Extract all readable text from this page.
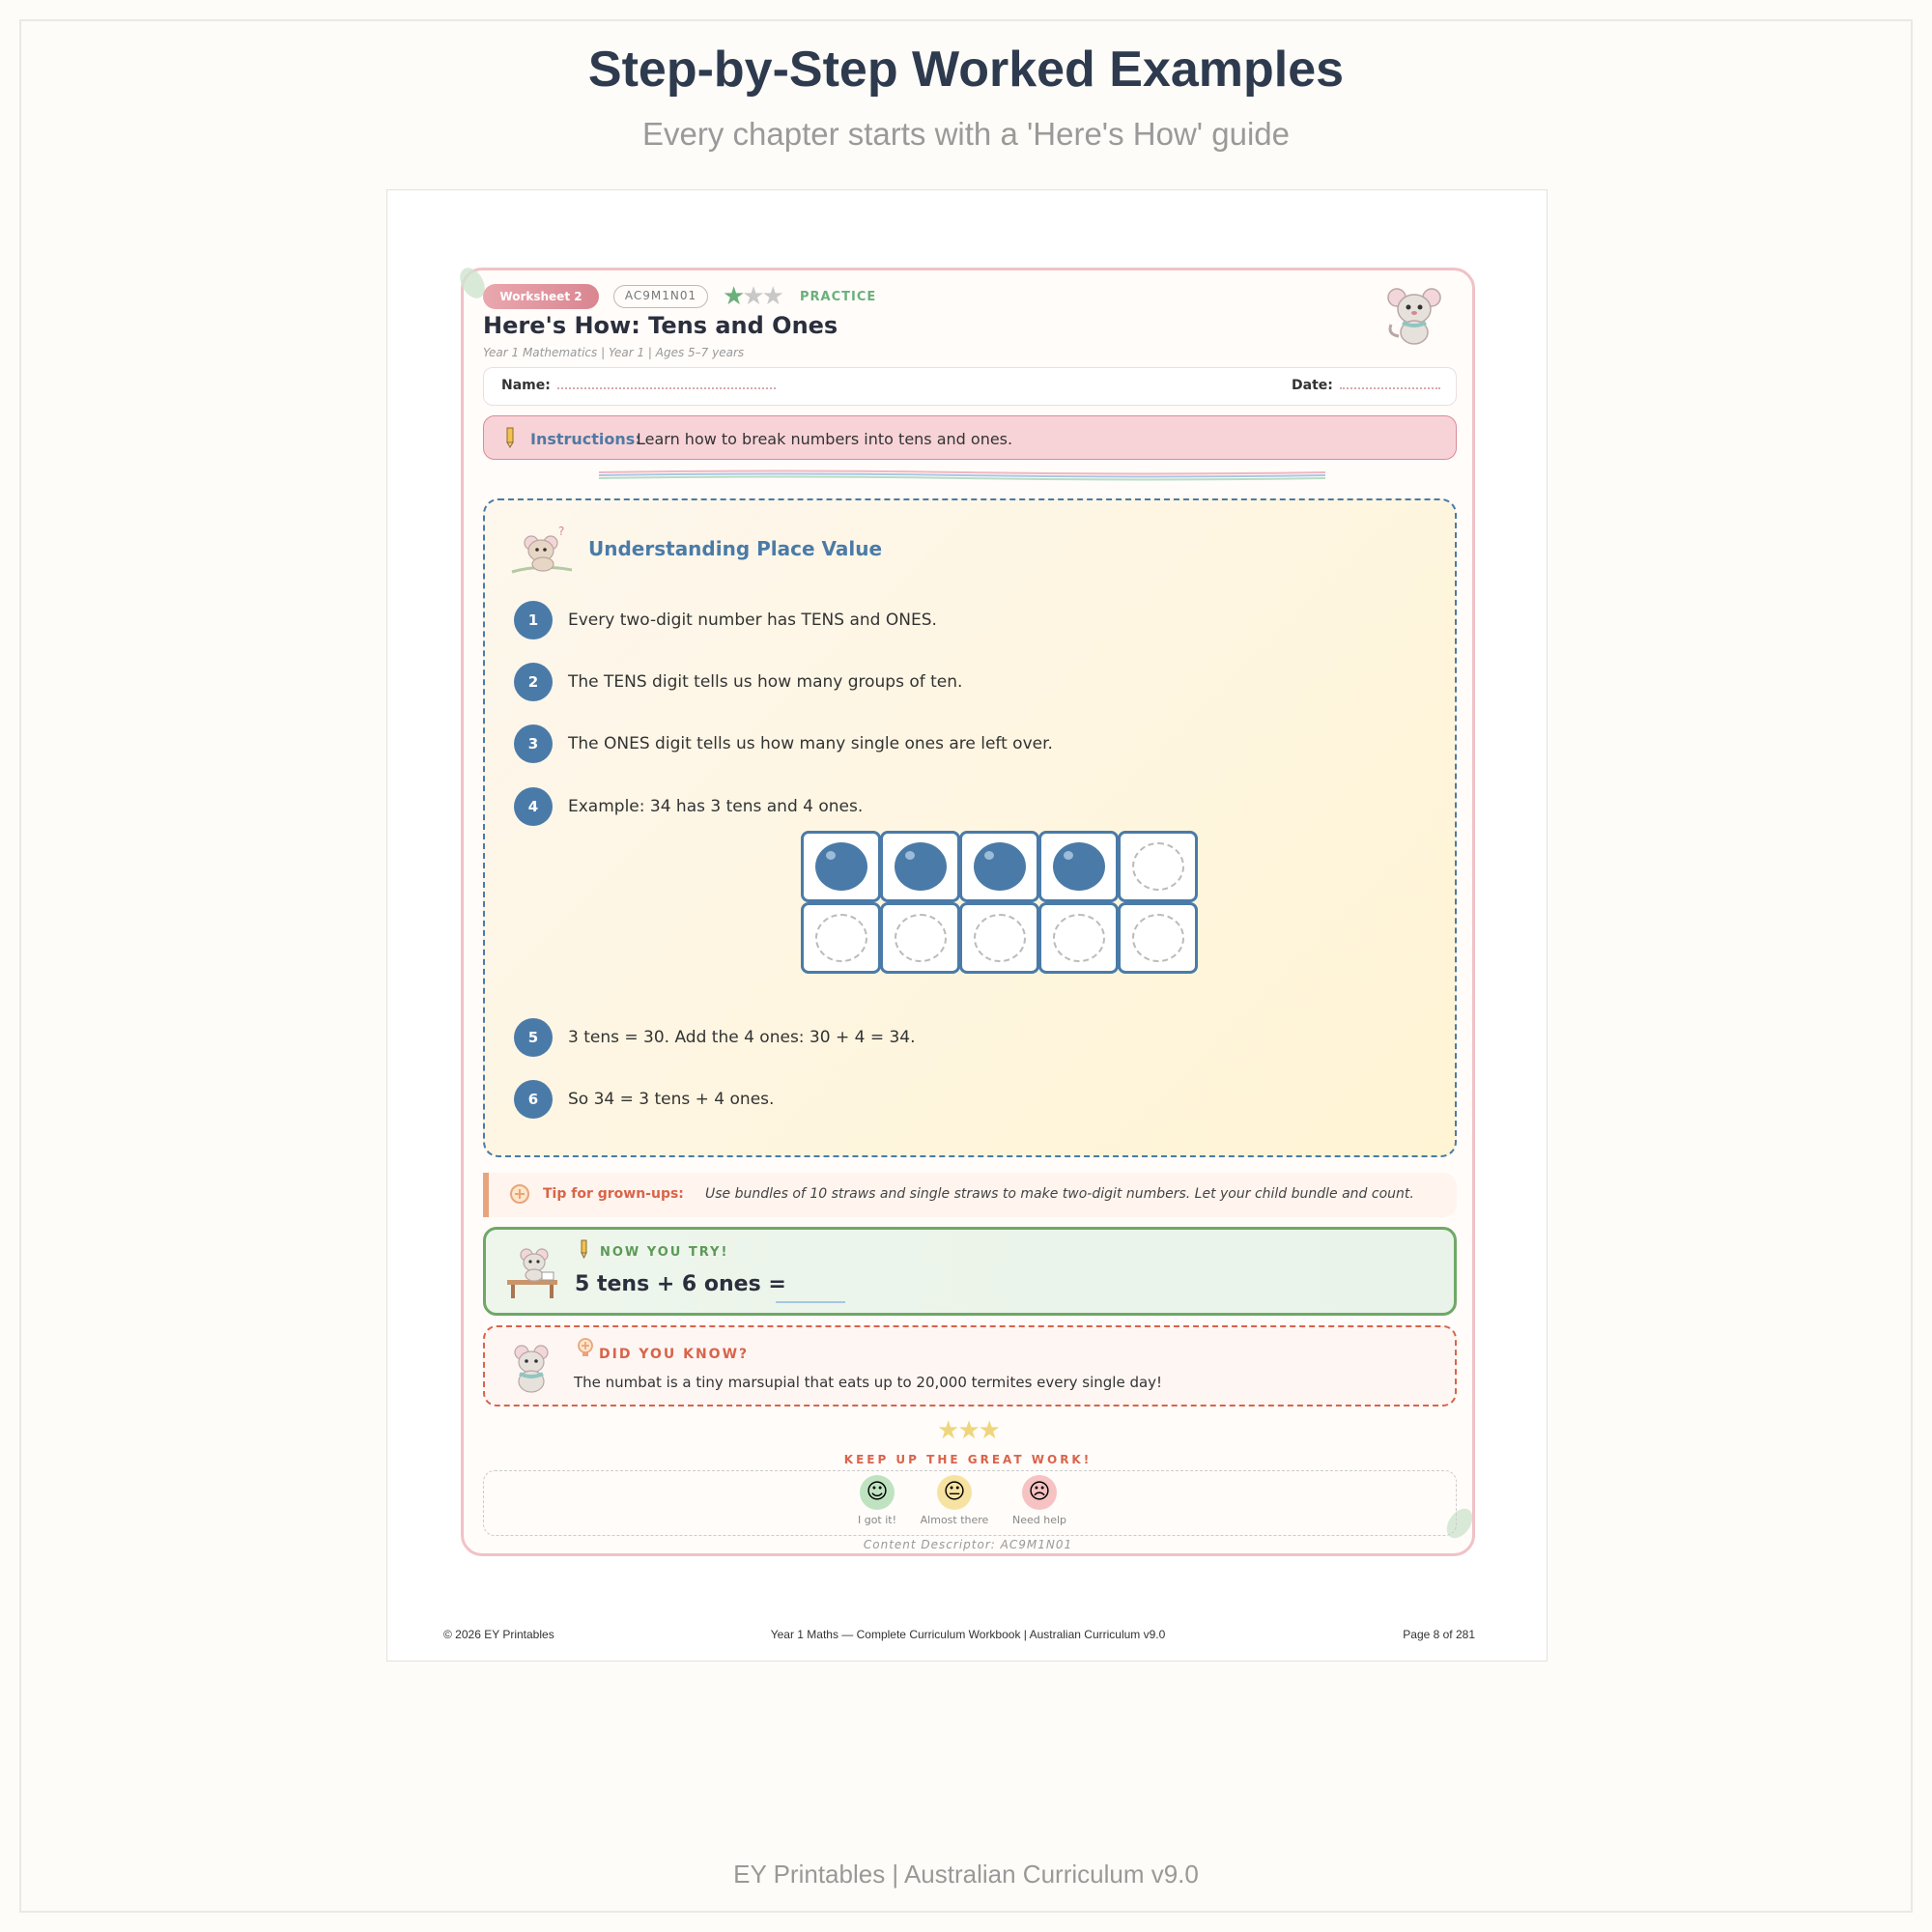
Step-by-Step Worked Examples
Every chapter starts with a 'Here's How' guide
Worksheet 2	AC9M1N01	★★★ PRACTICE
Here's How: Tens and Ones
Year 1 Mathematics | Year 1 | Ages 5–7 years
Name:	Date:
Instructions:
Learn how to break numbers into tens and ones.
?
Understanding Place Value
1	Every two-digit number has TENS and ONES.
2	The TENS digit tells us how many groups of ten.
3	The ONES digit tells us how many single ones are left over.
4	Example: 34 has 3 tens and 4 ones.
5	3 tens = 30. Add the 4 ones: 30 + 4 = 34.
6	So 34 = 3 tens + 4 ones.
Tip for grown-ups: Use bundles of 10 straws and single straws to make two-digit numbers. Let your child bundle and count.
NOW YOU TRY!
5 tens + 6 ones =
DID YOU KNOW?
The numbat is a tiny marsupial that eats up to 20,000 termites every single day!
★★★
KEEP UP THE GREAT WORK!
☺
I got it!
😐
Almost there
☹
Need help
Content Descriptor: AC9M1N01
© 2026 EY Printables	Year 1 Maths — Complete Curriculum Workbook | Australian Curriculum v9.0	Page 8 of 281
EY Printables | Australian Curriculum v9.0
